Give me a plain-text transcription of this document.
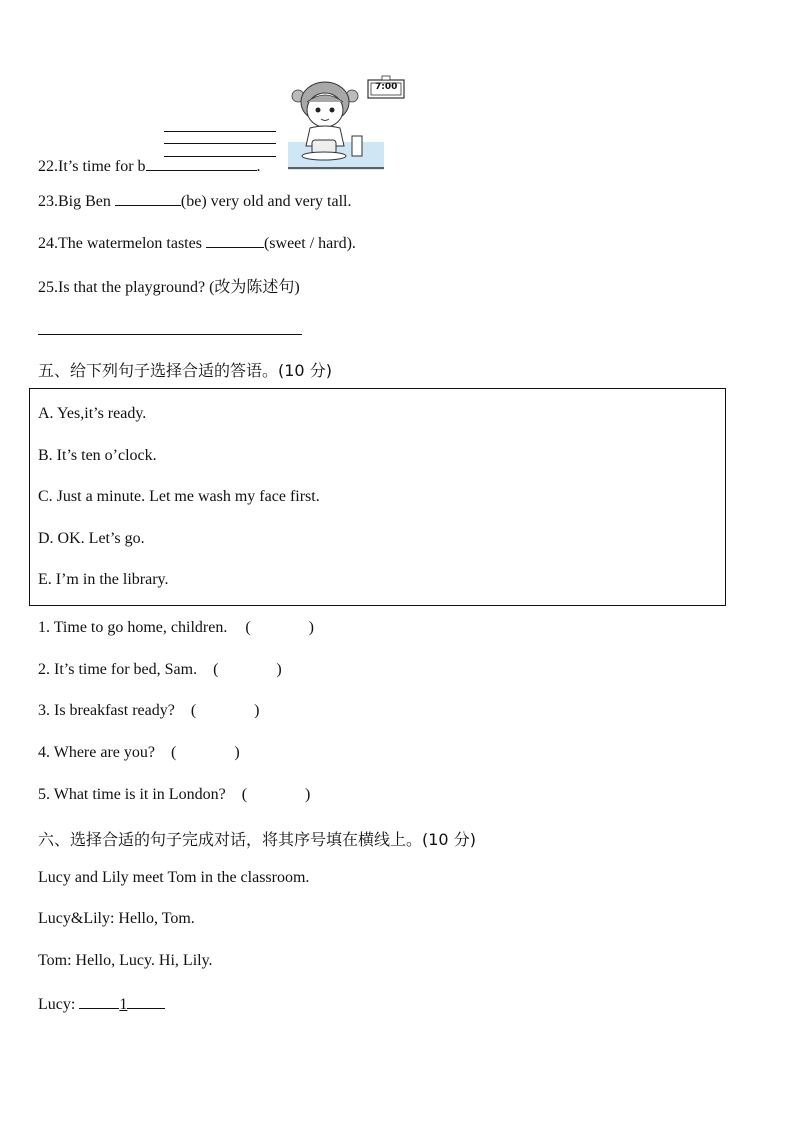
22.It’s time for b	.
7:00
23.Big Ben	(be) very old and very tall.
24.The watermelon tastes	(sweet / hard).
25.Is that the playground? (改为陈述句)
五、给下列句子选择合适的答语。(10 分)
A. Yes,it’s ready.
B. It’s ten o’clock.
C. Just a minute. Let me wash my face first.
D. OK. Let’s go.
E. I’m in the library.
1. Time to go home, children. (	)
2. It’s time for bed, Sam. (	)
3. Is breakfast ready? (	)
4. Where are you? (	)
5. What time is it in London? (	)
六、选择合适的句子完成对话，将其序号填在横线上。(10 分)
Lucy and Lily meet Tom in the classroom.
Lucy&Lily: Hello, Tom.
Tom: Hello, Lucy. Hi, Lily.
Lucy:	1
